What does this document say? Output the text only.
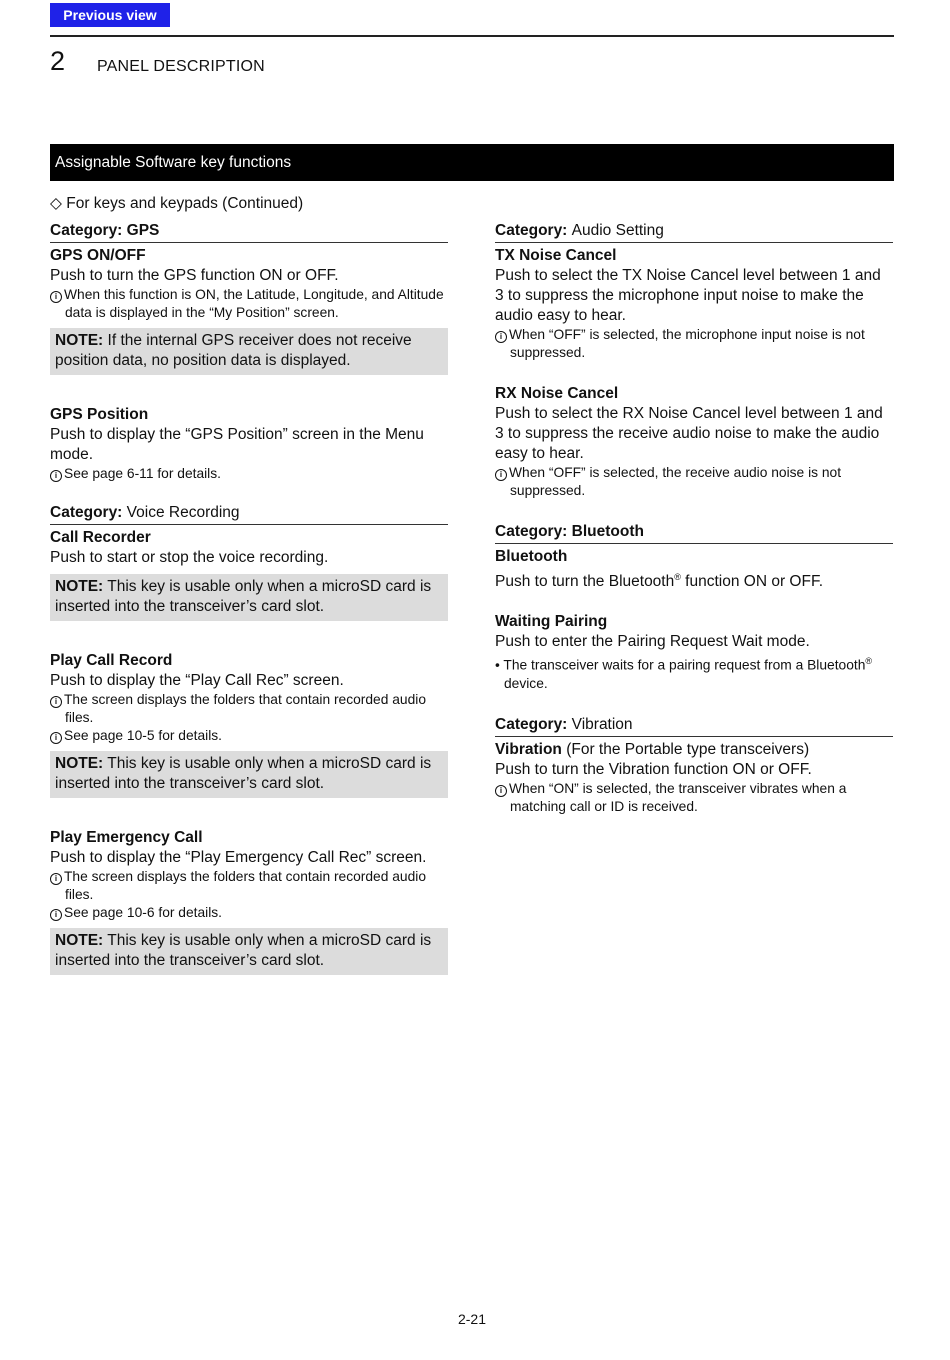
Previous view
2 PANEL DESCRIPTION
Assignable Software key functions
◇ For keys and keypads (Continued)
Category: GPS
GPS ON/OFF
Push to turn the GPS function ON or OFF.
i When this function is ON, the Latitude, Longitude, and Altitude data is displayed in the “My Position” screen.
NOTE: If the internal GPS receiver does not receive position data, no position data is displayed.
GPS Position
Push to display the “GPS Position” screen in the Menu mode.
i See page 6-11 for details.
Category: Voice Recording
Call Recorder
Push to start or stop the voice recording.
NOTE: This key is usable only when a microSD card is inserted into the transceiver’s card slot.
Play Call Record
Push to display the “Play Call Rec” screen.
i The screen displays the folders that contain recorded audio files.
i See page 10-5 for details.
NOTE: This key is usable only when a microSD card is inserted into the transceiver’s card slot.
Play Emergency Call
Push to display the “Play Emergency Call Rec” screen.
i The screen displays the folders that contain recorded audio files.
i See page 10-6 for details.
NOTE: This key is usable only when a microSD card is inserted into the transceiver’s card slot.
Category: Audio Setting
TX Noise Cancel
Push to select the TX Noise Cancel level between 1 and 3 to suppress the microphone input noise to make the audio easy to hear.
i When “OFF” is selected, the microphone input noise is not suppressed.
RX Noise Cancel
Push to select the RX Noise Cancel level between 1 and 3 to suppress the receive audio noise to make the audio easy to hear.
i When “OFF” is selected, the receive audio noise is not suppressed.
Category: Bluetooth
Bluetooth
Push to turn the Bluetooth® function ON or OFF.
Waiting Pairing
Push to enter the Pairing Request Wait mode.
• The transceiver waits for a pairing request from a Bluetooth® device.
Category: Vibration
Vibration (For the Portable type transceivers)
Push to turn the Vibration function ON or OFF.
i When “ON” is selected, the transceiver vibrates when a matching call or ID is received.
2-21
